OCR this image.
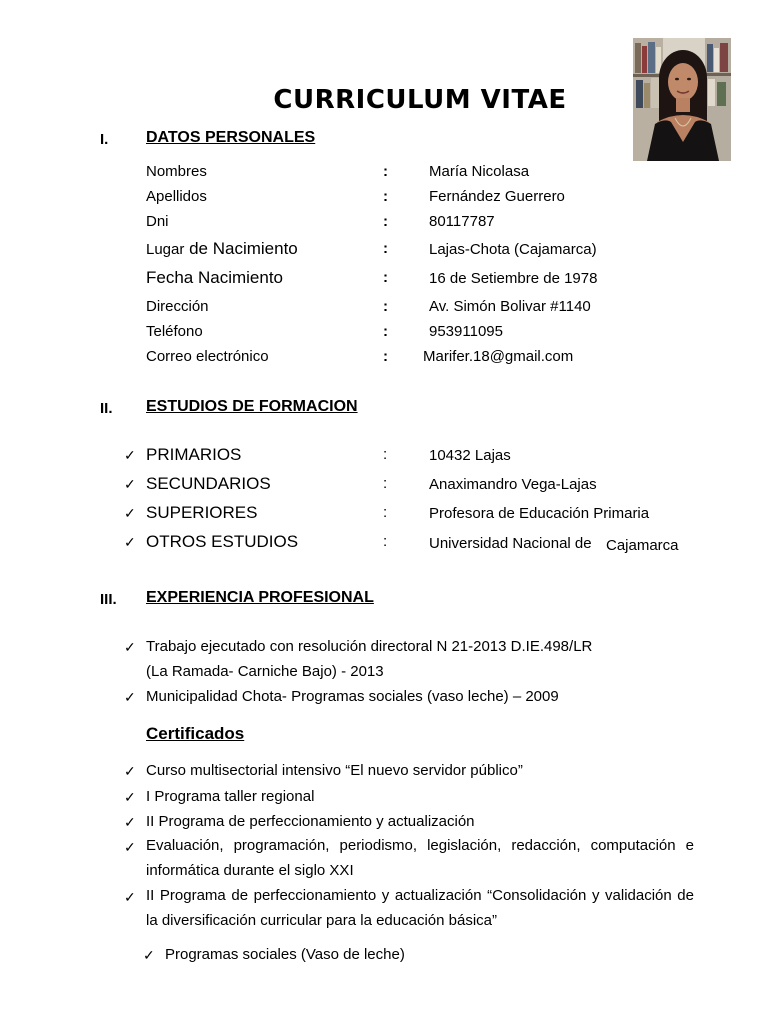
CURRICULUM VITAE
I. DATOS PERSONALES
Nombres	:	María Nicolasa
Apellidos	:	Fernández Guerrero
Dni	:	80117787
Lugar de Nacimiento	:	Lajas-Chota (Cajamarca)
Fecha Nacimiento	:	16 de Setiembre de 1978
Dirección	:	Av. Simón Bolivar #1140
Teléfono	:	953911095
Correo electrónico	: Marifer.18@gmail.com
II. ESTUDIOS DE FORMACION
✓ PRIMARIOS	:	10432 Lajas
✓ SECUNDARIOS	:	Anaximandro Vega-Lajas
✓ SUPERIORES	:	Profesora de Educación Primaria
✓ OTROS ESTUDIOS	:	Universidad Nacional de Cajamarca
III. EXPERIENCIA PROFESIONAL
✓ Trabajo ejecutado con resolución directoral N 21-2013 D.IE.498/LR
(La Ramada- Carniche Bajo) - 2013
✓ Municipalidad Chota- Programas sociales (vaso leche) – 2009
Certificados
✓ Curso multisectorial intensivo “El nuevo servidor público”
✓ I Programa taller regional
✓ II Programa de perfeccionamiento y actualización
✓ Evaluación, programación, periodismo, legislación, redacción, computación e informática durante el siglo XXI
✓ II Programa de perfeccionamiento y actualización “Consolidación y validación de la diversificación curricular para la educación básica”
✓ Programas sociales (Vaso de leche)
